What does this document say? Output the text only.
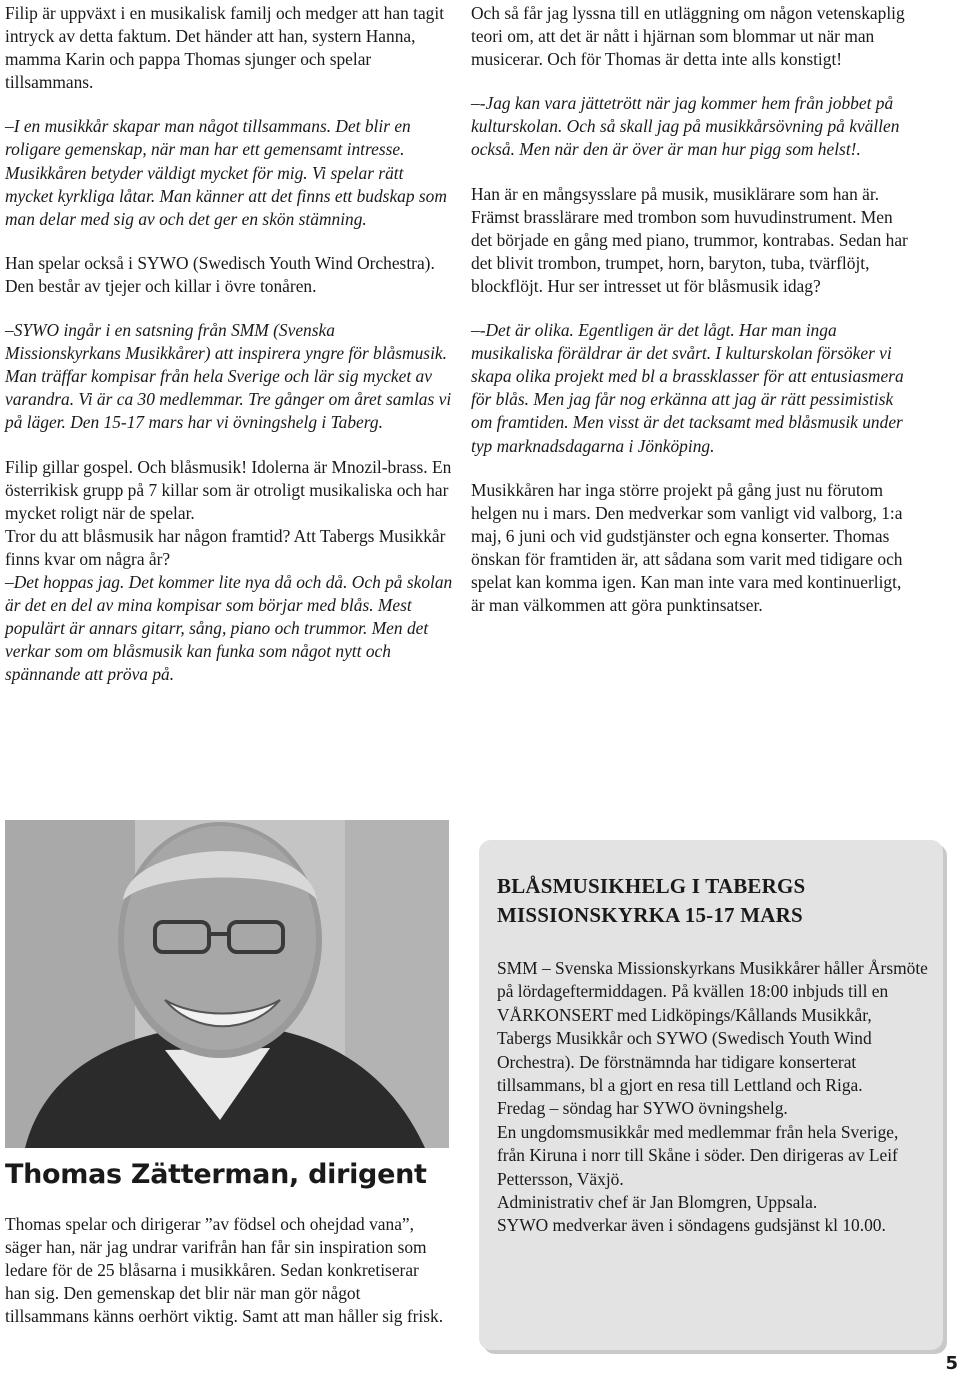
Filip är uppväxt i en musikalisk familj och medger att han tagit intryck av detta faktum. Det händer att han, systern Hanna, mamma Karin och pappa Thomas sjunger och spelar tillsammans.

–I en musikkår skapar man något tillsammans. Det blir en roligare gemenskap, när man har ett gemensamt intresse. Musikkåren betyder väldigt mycket för mig. Vi spelar rätt mycket kyrkliga låtar. Man känner att det finns ett budskap som man delar med sig av och det ger en skön stämning.

Han spelar också i SYWO (Swedisch Youth Wind Orchestra). Den består av tjejer och killar i övre tonåren.

–SYWO ingår i en satsning från SMM (Svenska Missionskyrkans Musikkårer) att inspirera yngre för blåsmusik. Man träffar kompisar från hela Sverige och lär sig mycket av varandra. Vi är ca 30 medlemmar. Tre gånger om året samlas vi på läger. Den 15-17 mars har vi övningshelg i Taberg.

Filip gillar gospel. Och blåsmusik! Idolerna är Mnozil-brass. En österrikisk grupp på 7 killar som är otroligt musikaliska och har mycket roligt när de spelar.

Tror du att blåsmusik har någon framtid? Att Tabergs Musikkår finns kvar om några år?

–Det hoppas jag. Det kommer lite nya då och då. Och på skolan är det en del av mina kompisar som börjar med blås. Mest populärt är annars gitarr, sång, piano och trummor. Men det verkar som om blåsmusik kan funka som något nytt och spännande att pröva på.

Och så får jag lyssna till en utläggning om någon vetenskaplig teori om, att det är nått i hjärnan som blommar ut när man musicerar. Och för Thomas är detta inte alls konstigt!

–-Jag kan vara jättetrött när jag kommer hem från jobbet på kulturskolan. Och så skall jag på musikkårsövning på kvällen också. Men när den är över är man hur pigg som helst!.

Han är en mångsysslare på musik, musiklärare som han är. Främst brasslärare med trombon som huvudinstrument. Men det började en gång med piano, trummor, kontrabas. Sedan har det blivit trombon, trumpet, horn, baryton, tuba, tvärflöjt, blockflöjt. Hur ser intresset ut för blåsmusik idag?

–-Det är olika. Egentligen är det lågt. Har man inga musikaliska föräldrar är det svårt. I kulturskolan försöker vi skapa olika projekt med bl a brassklasser för att entusiasmera för blås. Men jag får nog erkänna att jag är rätt pessimistisk om framtiden. Men visst är det tacksamt med blåsmusik under typ marknadsdagarna i Jönköping.

Musikkåren har inga större projekt på gång just nu förutom helgen nu i mars. Den medverkar som vanligt vid valborg, 1:a maj, 6 juni och vid gudstjänster och egna konserter. Thomas önskan för framtiden är, att sådana som varit med tidigare och spelat kan komma igen. Kan man inte vara med kontinuerligt, är man välkommen att göra punktinsatser.

Thomas Zätterman, dirigent

Thomas spelar och dirigerar ”av födsel och ohejdad vana”, säger han, när jag undrar varifrån han får sin inspiration som ledare för de 25 blåsarna i musikkåren. Sedan konkretiserar han sig. Den gemenskap det blir när man gör något tillsammans känns oerhört viktig. Samt att man håller sig frisk.

BLÅSMUSIKHELG I TABERGS
MISSIONSKYRKA 15-17 MARS

SMM – Svenska Missionskyrkans Musikkårer håller Årsmöte på lördageftermiddagen. På kvällen 18:00 inbjuds till en VÅRKONSERT med Lidköpings/Kållands Musikkår, Tabergs Musikkår och SYWO (Swedisch Youth Wind Orchestra). De förstnämnda har tidigare konserterat tillsammans, bl a gjort en resa till Lettland och Riga.

Fredag – söndag har SYWO övningshelg.

En ungdomsmusikkår med medlemmar från hela Sverige, från Kiruna i norr till Skåne i söder. Den dirigeras av Leif Pettersson, Växjö.

Administrativ chef är Jan Blomgren, Uppsala.

SYWO medverkar även i söndagens gudsjänst kl 10.00.

5
